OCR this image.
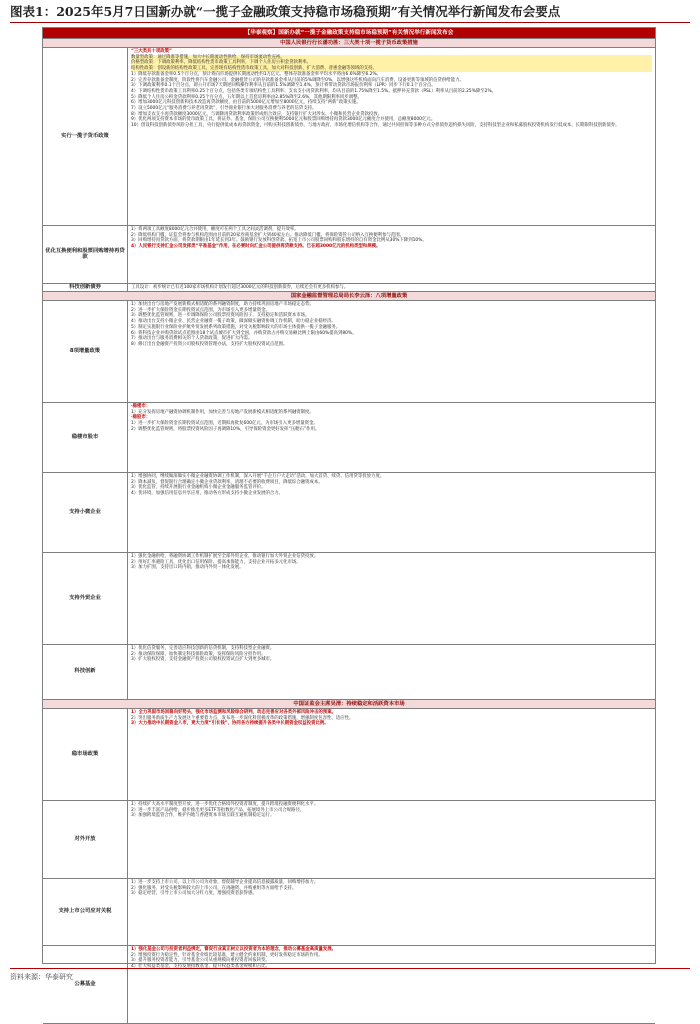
图表1：2025年5月7日国新办就“一揽子金融政策支持稳市场稳预期”有关情况举行新闻发布会要点
【华泰观察】国新办就“一揽子金融政策支持稳市场稳预期”有关情况举行新闻发布会
中国人民银行行长潘功胜：三大类十项一揽子货币政策措施
实行一揽子货币政策
“三大类共十项政策”
数量型政策：通过降准等措施，加大中长期流动性供给，保持市场流动性充裕。
价格型政策：下调政策利率，降低结构性货币政策工具利率，下调个人住房公积金贷款利率。
结构性政策：创设新的结构性政策工具，完善现有结构性货币政策工具，加大对科技创新、扩大消费、普惠金融等领域的支持。
1）降低存款准备金率0.5个百分点，预计将向市场提供长期流动性约1万亿元。整体存款准备金率平均水平将由6.6%降至6.2%。
2）完善存款准备金制度，阶段性将汽车金融公司、金融租赁公司的存款准备金率从目前的5%调降至0%，以增强这些机构面向汽车消费、设备更新等领域的信贷供给能力。
3）下调政策利率0.1个百分点，即公开市场7天期逆回购操作利率从目前的1.5%调降至1.4%，预计将带动贷款市场报价利率（LPR）同步下行0.1个百分点。
4）下调结构性货币政策工具利率0.25个百分点，包括各类专项结构性工具利率、支农支小再贷款利率，均从目前的1.75%降至1.5%。抵押补充贷款（PSL）利率从目前的2.25%降至2%。
5）降低个人住房公积金贷款利率0.25个百分点，五年期以上首套房利率由2.85%降至2.6%，其他期限利率同步调整。
6）增加3000亿元科技创新和技术改造再贷款额度，由目前的5000亿元增加至8000亿元，持续支持“两新”政策实施。
7）设立5000亿元“服务消费与养老再贷款”，引导商业银行加大对服务消费与养老的信贷支持。
8）增加支农支小再贷款额度3000亿元，与调降再贷款利率政策形成组合效应，支持银行扩大对涉农、小微和民营企业贷款投放。
9）优化两项支持资本市场的货币政策工具，将证券、基金、保险公司互换便利5000亿元和股票回购增持再贷款3000亿元额度合并使用，总额度8000亿元。
10）创设科技创新债券风险分担工具，央行提供低成本再贷款资金，可购买科技创新债券，与地方政府、市场化增信机构等合作，通过共同担保等多种方式分担债券违约损失风险，支持科技型企业和私募股权投资机构发行低成本、长期限科技创新债券。
优化互换便利和股票回购增持再贷款
1）将两项工具额度8000亿元合并使用，额度可在两个工具之间灵活调剂，提升效率。
2）降低机构门槛，证监会将参与机构范围由目前的20家券商基金扩大到40家左右。推动降低门槛，将保险资管公司纳入互换便利参与范围。
3）回购增持再贷款方面，将贷款期限由1年延长到3年。鼓励银行发放科创贷款、拓宽上市公司股票回购和股东增持的自有资金比例从30%下降到10%。
4）人民银行支持汇金公司发挥类“平准基金”作用，在必要时向汇金公司提供再贷款支持。已在超3000亿元的机构类型和规模。
科技创新债券	工具设计：初步统计已有近100家市场机构计划发行超过3000亿元的科技创新债券，后续还会有更多机构参与。
国家金融监督管理总局局长李云泽：八项增量政策
8项增量政策
1）加快出台与房地产发展新模式相适配的系列融资制度，助力持续巩固房地产市场稳定态势。
2）进一步扩大保险资金长期投资试点范围，为市场引入更多增量资金。
3）调整优化监管规则，进一步调降保险公司股票投资风险因子，支持稳定和活跃资本市场。
4）推动出台支持小微企业、民营企业融资一揽子政策，做深做实融资协调工作机制，助力稳企业稳经济。
5）制定实施银行业保险业护航外贸发展系列政策措施，对受关税影响较大的市场主体提供一揽子金融服务。
6）将科技企业并购贷款试点范围由18个试点城市扩大到全国，并购贷款占并购交易额比例上限由60%提高到80%。
7）推动出台与服务消费相关的个人贷款政策，促进扩大内需。
8）修订出台金融资产投资公司股权投资管理办法，支持扩大股权投资试点范围。
稳楼市股市
·稳楼市：
1）充分发挥房地产融资协调机制作用，加快完善与房地产发展新模式相适配的系列融资制度。
·稳股市：
1）进一步扩大保险资金长期投资试点范围，近期拟再批复600亿元，为市场引入更多增量资金。
2）调整优化监管规则，将股票投资风险因子再调降10%，引导保险资金更好发挥“压舱石”作用。
支持小微企业
1）增强协同，继续做深做实小微企业融资协调工作机制，深入开展“千企万户大走访”活动，加大首贷、续贷、信用贷等投放力度。
2）降本减负，督促银行合理确定小微企业贷款利率，清理不必要的收费项目，降低综合融资成本。
3）优化监管，持续开展银行业金融机构小微企业金融服务监管评价。
4）优环境，加强信用信息共享应用，推动各方形成支持小微企业发展的合力。
支持外贸企业
1）强化金融供给，将融资协调工作机制扩展至全部外贸企业，推动银行加大外贸企业信贷投放。
2）用好汇率避险工具，优化出口信用保险、提高承保能力，支持企业开拓多元化市场。
3）加力扩围，支持出口转内销，推动内外贸一体化发展。
科技创新
1）优化信贷服务，完善适应科技创新的信贷机制，支持科技型企业融资。
2）推动保险保障，加快制定科技保险政策，发挥保险风险分担作用。
3）扩大股权投资，支持金融资产投资公司股权投资试点扩大到更多城市。
中国证监会主席吴清：持续稳定和活跃资本市场
稳市场政策
1）全力巩固市场回稳向好势头，强化市场监测和风险综合研判，动态完善应对各类外部风险冲击的预案。
2）突出服务新质生产力发展这个重要着力点，发布进一步深化科创板改革的政策措施，增强制度包容性、适应性。
3）大力推动中长期资金入市，更大力度“引长钱”，协同各方持续提升各类中长期资金权益投资比例。
对外开放
1）持续扩大高水平制度型开放，进一步优化合格境外投资者制度，提升跨境投融资便利化水平。
2）进一步丰富产品供给，稳步推出更多ETF等指数化产品，拓展境外上市公司合规路径。
3）加强跨境监管合作，维护内地与香港资本市场互联互通机制稳定运行。
支持上市公司应对关税
1）进一步支持上市公司，以上市公司为对象，督促辅导企业提高信息披露质量，回购增持加力。
2）强化服务，对受关税影响较大的上市公司，在再融资、并购重组等方面给予支持。
3）稳定经营，引导上市公司加大分红力度，增强投资者获得感。
公募基金
1）强化基金公司与投资者利益绑定，督促行业真正树立以投资者为本的理念，推动公募基金高质量发展。
2）增强投资行为稳定性，针对基金业绩比较基准，建立健全约束机制，更好发挥稳定市场的作用。
3）提升服务投资者能力，引导基金公司从重规模向重投资者回报转变。
4）壮大权益类基金，支持发展指数基金，提升权益类基金规模和占比。
资料来源：华泰研究
